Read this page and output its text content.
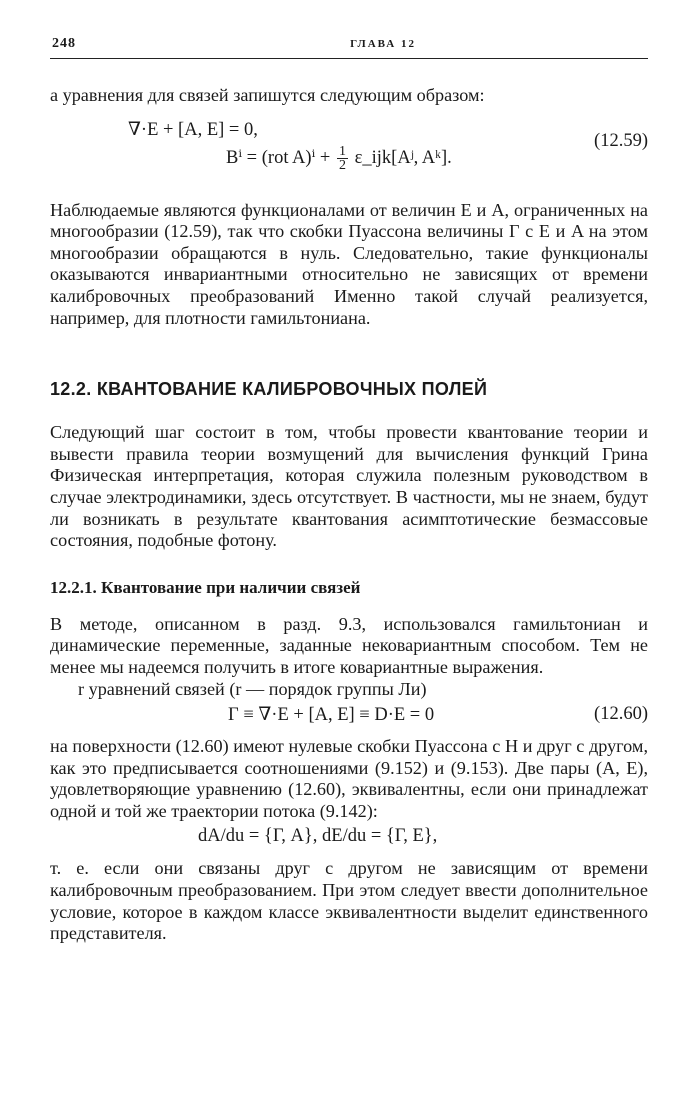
248	ГЛАВА 12

а уравнения для связей запишутся следующим образом:

∇·E + [A, E] = 0,
Bⁱ = (rot $A)^i + \frac{1}{2}$ ε_ijk[Aʲ, Aᵏ].
(12.59)

Наблюдаемые являются функционалами от величин E и A, ограниченных на многообразии (12.59), так что скобки Пуассона величины Γ с E и A на этом многообразии обращаются в нуль. Следовательно, такие функционалы оказываются инвариантными относительно не зависящих от времени калибровочных преобразований Именно такой случай реализуется, например, для плотности гамильтониана.

12.2. КВАНТОВАНИЕ КАЛИБРОВОЧНЫХ ПОЛЕЙ

Следующий шаг состоит в том, чтобы провести квантование теории и вывести правила теории возмущений для вычисления функций Грина Физическая интерпретация, которая служила полезным руководством в случае электродинамики, здесь отсутствует. В частности, мы не знаем, будут ли возникать в результате квантования асимптотические безмассовые состояния, подобные фотону.

12.2.1. Квантование при наличии связей

В методе, описанном в разд. 9.3, использовался гамильтониан и динамические переменные, заданные нековариантным способом. Тем не менее мы надеемся получить в итоге ковариантные выражения.

r уравнений связей (r — порядок группы Ли)

Γ ≡ ∇·E + [A, E] ≡ D·E = 0	(12.60)

на поверхности (12.60) имеют нулевые скобки Пуассона с H и друг с другом, как это предписывается соотношениями (9.152) и (9.153). Две пары (A, E), удовлетворяющие уравнению (12.60), эквивалентны, если они принадлежат одной и той же траектории потока (9.142):

dA/du = {Γ, A}, dE/du = {Γ, E},

т. е. если они связаны друг с другом не зависящим от времени калибровочным преобразованием. При этом следует ввести дополнительное условие, которое в каждом классе эквивалентности выделит единственного представителя.
